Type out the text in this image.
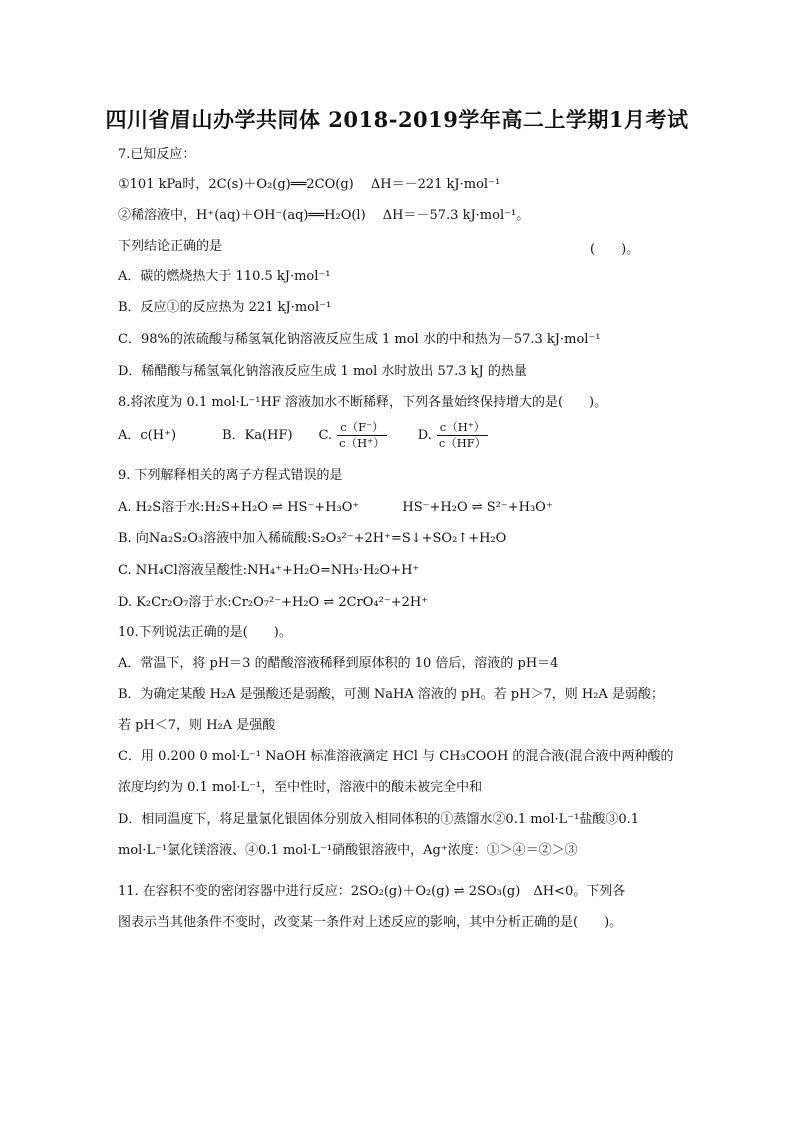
四川省眉山办学共同体 2018-2019学年高二上学期1月考试
7.已知反应：
①101 kPa时，2C(s)＋O₂(g)══2CO(g)　 ΔH＝－221 kJ·mol⁻¹
②稀溶液中，H⁺(aq)＋OH⁻(aq)══H₂O(l)　 ΔH＝－57.3 kJ·mol⁻¹。
下列结论正确的是	(　　)。
A．碳的燃烧热大于 110.5 kJ·mol⁻¹
B．反应①的反应热为 221 kJ·mol⁻¹
C．98%的浓硫酸与稀氢氧化钠溶液反应生成 1 mol 水的中和热为－57.3 kJ·mol⁻¹
D．稀醋酸与稀氢氧化钠溶液反应生成 1 mol 水时放出 57.3 kJ 的热量
8.将浓度为 0.1 mol·L⁻¹HF 溶液加水不断稀释，下列各量始终保持增大的是(　　)。
A．c(H⁺)	B．Ka(HF) C. $\frac{c(F^-)}{c(H^+)} D$. $\frac{c(H^+)}{c(HF)}$
9. 下列解释相关的离子方程式错误的是
A. H₂S溶于水:H₂S+H₂O ⇌ HS⁻+H₃O⁺　　　 HS⁻+H₂O ⇌ S²⁻+H₃O⁺
B. 向Na₂S₂O₃溶液中加入稀硫酸:S₂O₃²⁻+2H⁺=S↓+SO₂↑+H₂O
C. NH₄Cl溶液呈酸性:NH₄⁺+H₂O=NH₃·H₂O+H⁺
D. K₂Cr₂O₇溶于水:Cr₂O₇²⁻+H₂O ⇌ 2CrO₄²⁻+2H⁺
10.下列说法正确的是(　　)。
A．常温下，将 pH＝3 的醋酸溶液稀释到原体积的 10 倍后，溶液的 pH＝4
B．为确定某酸 H₂A 是强酸还是弱酸，可测 NaHA 溶液的 pH。若 pH＞7，则 H₂A 是弱酸；
若 pH＜7，则 H₂A 是强酸
C．用 0.200 0 mol·L⁻¹ NaOH 标准溶液滴定 HCl 与 CH₃COOH 的混合液(混合液中两种酸的
浓度均约为 0.1 mol·L⁻¹，至中性时，溶液中的酸未被完全中和
D．相同温度下，将足量氯化银固体分别放入相同体积的①蒸馏水②0.1 mol·L⁻¹盐酸③0.1
mol·L⁻¹氯化镁溶液、④0.1 mol·L⁻¹硝酸银溶液中，Ag⁺浓度：①＞④＝②＞③
11. 在容积不变的密闭容器中进行反应：2SO₂(g)＋O₂(g) ⇌ 2SO₃(g)　ΔH<0。下列各
图表示当其他条件不变时，改变某一条件对上述反应的影响，其中分析正确的是(　　)。
